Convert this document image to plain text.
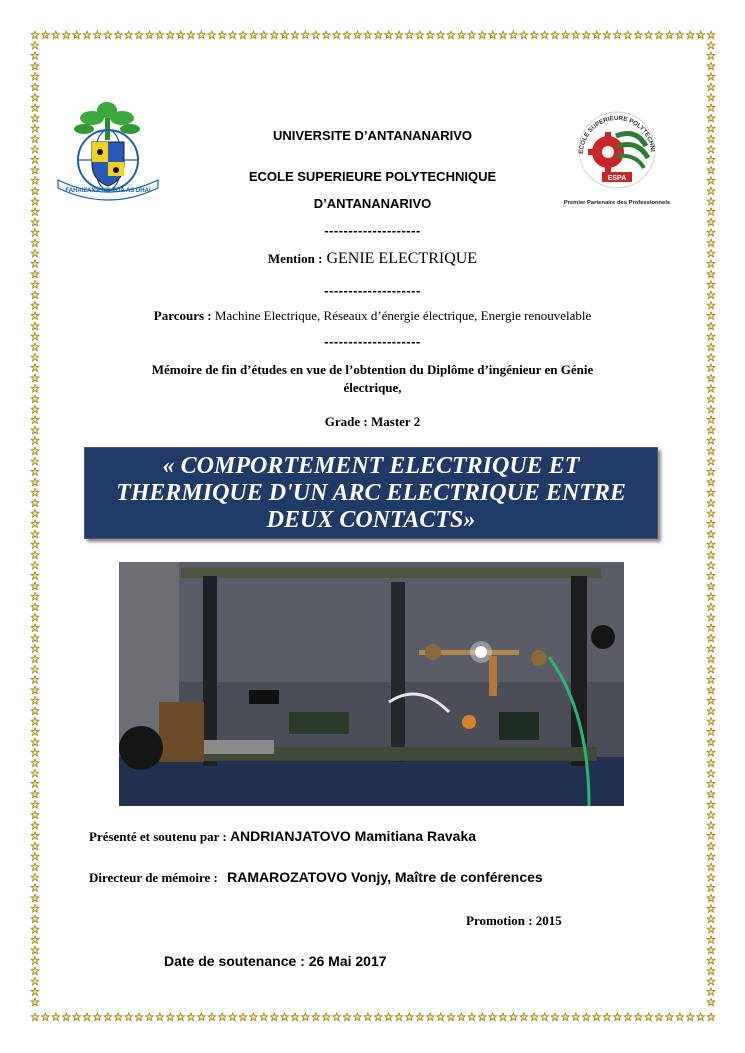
FAHAIZANA NO TOA AS DHAI
ECOLE SUPERIEURE POLYTECHNI
ESPA
Premier Partenaire des Professionnels
UNIVERSITE D’ANTANANARIVO
ECOLE SUPERIEURE POLYTECHNIQUE
D’ANTANANARIVO
--------------------
Mention : GENIE ELECTRIQUE
--------------------
Parcours : Machine Electrique, Réseaux d’énergie électrique, Energie renouvelable
--------------------
Mémoire de fin d’études en vue de l’obtention du Diplôme d’ingénieur en Génie
électrique,
Grade : Master 2
« COMPORTEMENT ELECTRIQUE ET
THERMIQUE D'UN ARC ELECTRIQUE ENTRE
DEUX CONTACTS»
Présenté et soutenu par : ANDRIANJATOVO Mamitiana Ravaka
Directeur de mémoire : RAMAROZATOVO Vonjy, Maître de conférences
Promotion : 2015
Date de soutenance : 26 Mai 2017
